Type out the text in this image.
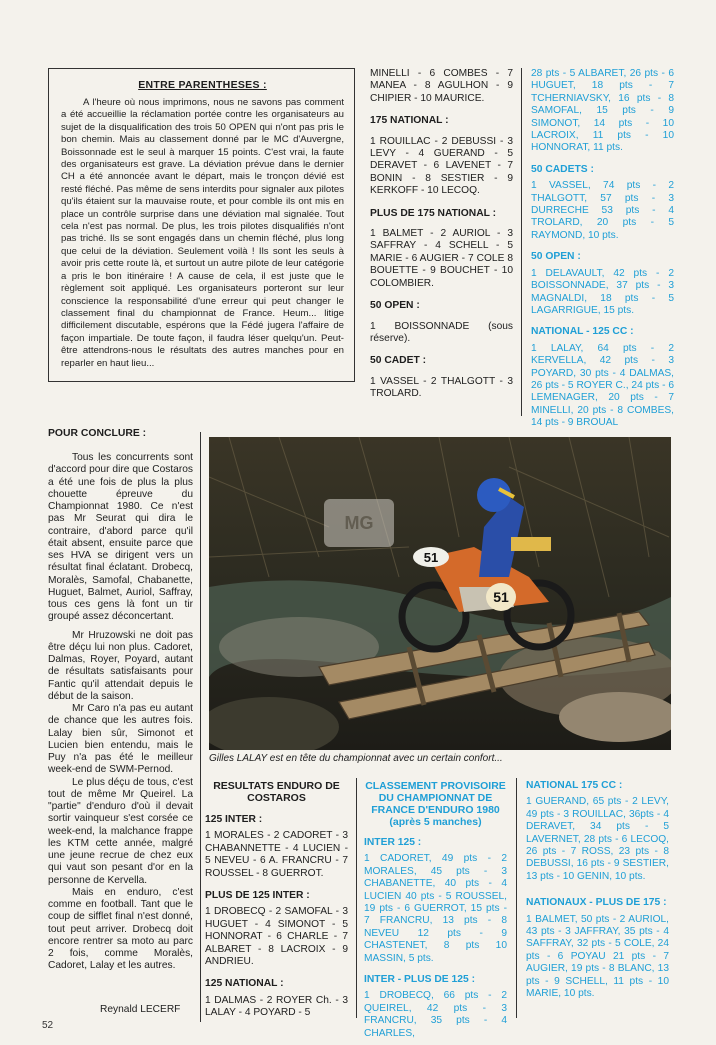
ENTRE PARENTHESES :

A l'heure où nous imprimons, nous ne savons pas comment a été accueillie la réclamation portée contre les organisateurs au sujet de la disqualification des trois 50 OPEN qui n'ont pas pris le bon chemin. Mais au classement donné par le MC d'Auvergne, Boissonnade est le seul à marquer 15 points. C'est vrai, la faute des organisateurs est grave. La déviation prévue dans le dernier CH a été annoncée avant le départ, mais le tronçon dévié est resté fléché. Pas même de sens interdits pour signaler aux pilotes qu'ils étaient sur la mauvaise route, et pour comble ils ont mis en place un contrôle surprise dans une déviation mal signalée. Tout cela n'est pas normal. De plus, les trois pilotes disqualifiés n'ont pas triché. Ils se sont engagés dans un chemin fléché, plus long que celui de la déviation. Seulement voilà ! Ils sont les seuls à avoir pris cette route là, et surtout un autre pilote de leur catégorie a pris le bon itinéraire ! A cause de cela, il est juste que le règlement soit appliqué. Les organisateurs porteront sur leur conscience la responsabilité d'une erreur qui peut changer le classement final du championnat de France. Heum... litige difficilement discutable, espérons que la Fédé jugera l'affaire de façon impartiale. De toute façon, il faudra léser quelqu'un. Peut-être attendrons-nous le résultats des autres manches pour en reparler en haut lieu...

MINELLI - 6 COMBES - 7 MANEA - 8 AGULHON - 9 CHIPIER - 10 MAURICE.

175 NATIONAL :

1 ROUILLAC - 2 DEBUSSI - 3 LEVY - 4 GUERAND - 5 DERAVET - 6 LAVENET - 7 BONIN - 8 SESTIER - 9 KERKOFF - 10 LECOQ.

PLUS DE 175 NATIONAL :

1 BALMET - 2 AURIOL - 3 SAFFRAY - 4 SCHELL - 5 MARIE - 6 AUGIER - 7 COLE 8 BOUETTE - 9 BOUCHET - 10 COLOMBIER.

50 OPEN :

1 BOISSONNADE (sous réserve).

50 CADET :

1 VASSEL - 2 THALGOTT - 3 TROLARD.

28 pts - 5 ALBARET, 26 pts - 6 HUGUET, 18 pts - 7 TCHERNIAVSKY, 16 pts - 8 SAMOFAL, 15 pts - 9 SIMONOT, 14 pts - 10 LACROIX, 11 pts - 10 HONNORAT, 11 pts.

50 CADETS :

1 VASSEL, 74 pts - 2 THALGOTT, 57 pts - 3 DURRECHE 53 pts - 4 TROLARD, 20 pts - 5 RAYMOND, 10 pts.

50 OPEN :

1 DELAVAULT, 42 pts - 2 BOISSONNADE, 37 pts - 3 MAGNALDI, 18 pts - 5 LAGARRIGUE, 15 pts.

NATIONAL - 125 CC :

1 LALAY, 64 pts - 2 KERVELLA, 42 pts - 3 POYARD, 30 pts - 4 DALMAS, 26 pts - 5 ROYER C., 24 pts - 6 LEMENAGER, 20 pts - 7 MINELLI, 20 pts - 8 COMBES, 14 pts - 9 BROUAL

POUR CONCLURE :

Tous les concurrents sont d'accord pour dire que Costaros a été une fois de plus la plus chouette épreuve du Championnat 1980. Ce n'est pas Mr Seurat qui dira le contraire, d'abord parce qu'il était absent, ensuite parce que ses HVA se dirigent vers un résultat final éclatant. Drobecq, Moralès, Samofal, Chabanette, Huguet, Balmet, Auriol, Saffray, tous ces gens là font un tir groupé assez déconcertant.

Mr Hruzowski ne doit pas être déçu lui non plus. Cadoret, Dalmas, Royer, Poyard, autant de résultats satisfaisants pour Fantic qu'il attendait depuis le début de la saison.

Mr Caro n'a pas eu autant de chance que les autres fois. Lalay bien sûr, Simonot et Lucien bien entendu, mais le Puy n'a pas été le meilleur week-end de SWM-Pernod.

Le plus déçu de tous, c'est tout de même Mr Queirel. La "partie" d'enduro d'où il devait sortir vainqueur s'est corsée ce week-end, la malchance frappe les KTM cette année, malgré une jeune recrue de chez eux qui vaut son pesant d'or en la personne de Kervella.

Mais en enduro, c'est comme en football. Tant que le coup de sifflet final n'est donné, tout peut arriver. Drobecq doit encore rentrer sa moto au parc 2 fois, comme Moralès, Cadoret, Lalay et les autres.

Reynald LECERF
51
51
MG
Gilles LALAY est en tête du championnat avec un certain confort...
RESULTATS ENDURO DE COSTAROS
125 INTER :

1 MORALES - 2 CADORET - 3 CHABANNETTE - 4 LUCIEN - 5 NEVEU - 6 A. FRANCRU - 7 ROUSSEL - 8 GUERROT.

PLUS DE 125 INTER :

1 DROBECQ - 2 SAMOFAL - 3 HUGUET - 4 SIMONOT - 5 HONNORAT - 6 CHARLE - 7 ALBARET - 8 LACROIX - 9 ANDRIEU.

125 NATIONAL :

1 DALMAS - 2 ROYER Ch. - 3 LALAY - 4 POYARD - 5

CLASSEMENT PROVISOIRE DU CHAMPIONNAT DE FRANCE D'ENDURO 1980 (après 5 manches)
INTER 125 :

1 CADORET, 49 pts - 2 MORALES, 45 pts - 3 CHABANETTE, 40 pts - 4 LUCIEN 40 pts - 5 ROUSSEL, 19 pts - 6 GUERROT, 15 pts - 7 FRANCRU, 13 pts - 8 NEVEU 12 pts - 9 CHASTENET, 8 pts 10 MASSIN, 5 pts.

INTER - PLUS DE 125 :

1 DROBECQ, 66 pts - 2 QUEIREL, 42 pts - 3 FRANCRU, 35 pts - 4 CHARLES,

NATIONAL 175 CC :

1 GUERAND, 65 pts - 2 LEVY, 49 pts - 3 ROUILLAC, 36pts - 4 DERAVET, 34 pts - 5 LAVERNET, 28 pts - 6 LECOQ, 26 pts - 7 ROSS, 23 pts - 8 DEBUSSI, 16 pts - 9 SESTIER, 13 pts - 10 GENIN, 10 pts.

NATIONAUX - PLUS DE 175 :

1 BALMET, 50 pts - 2 AURIOL, 43 pts - 3 JAFFRAY, 35 pts - 4 SAFFRAY, 32 pts - 5 COLE, 24 pts - 6 POYAU 21 pts - 7 AUGIER, 19 pts - 8 BLANC, 13 pts - 9 SCHELL, 11 pts - 10 MARIE, 10 pts.

52
